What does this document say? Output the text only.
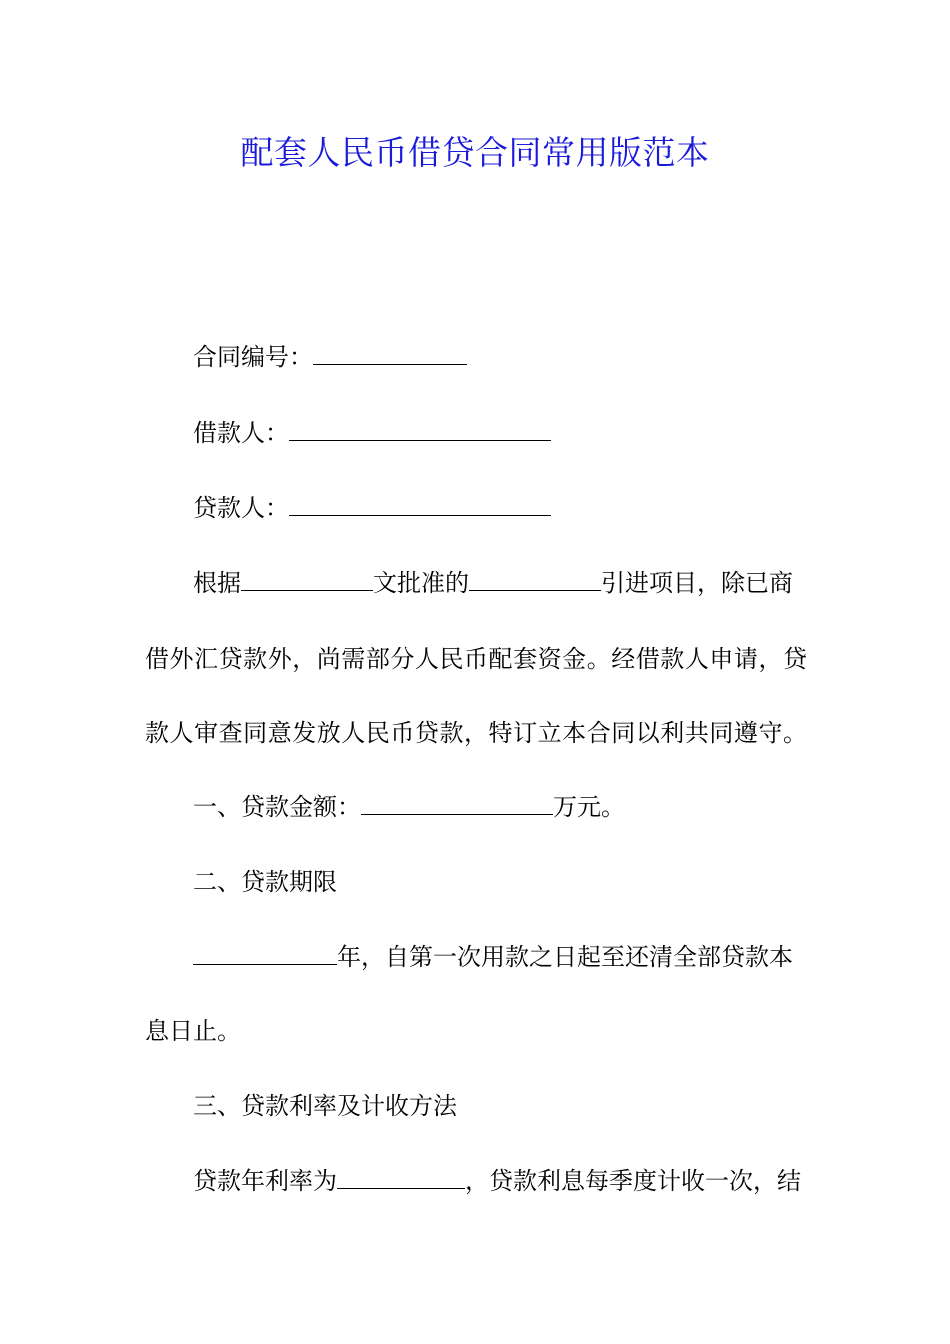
配套人民币借贷合同常用版范本
合同编号：
借款人：
贷款人：
根据	文批准的	引进项目，除已商
借外汇贷款外，尚需部分人民币配套资金。经借款人申请，贷
款人审查同意发放人民币贷款，特订立本合同以利共同遵守。
一、贷款金额：	万元。
二、贷款期限
年，自第一次用款之日起至还清全部贷款本
息日止。
三、贷款利率及计收方法
贷款年利率为	，贷款利息每季度计收一次，结
